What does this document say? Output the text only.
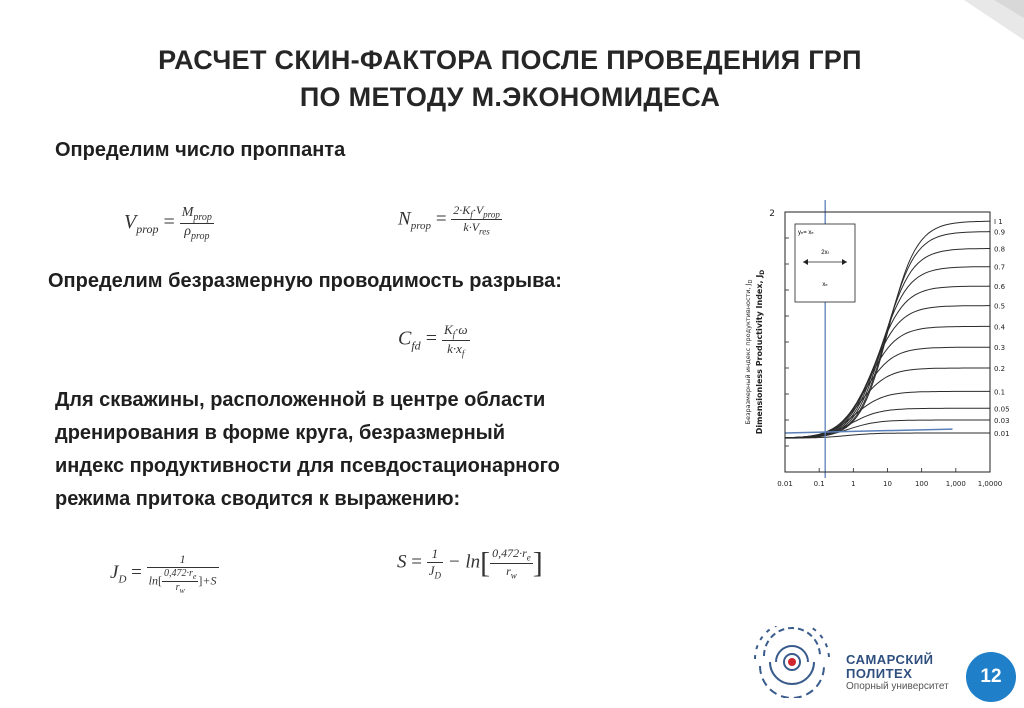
РАСЧЕТ СКИН-ФАКТОРА ПОСЛЕ ПРОВЕДЕНИЯ ГРП
ПО МЕТОДУ М.ЭКОНОМИДЕСА
Определим число проппанта
$V_{prop} = \frac{M_{prop}}{\rho_{prop}}$	$N_{prop} = \frac{2\cdot K_f\cdot V_{prop}}{k\cdot V_{res}}$
Определим безразмерную проводимость разрыва:
$C_{fd} = \frac{K_f\cdot\omega}{k\cdot x_f}$
Для скважины, расположенной в центре области
дренирования в форме круга, безразмерный
индекс продуктивности для псевдостационарного
режима притока сводится к выражению:
$J_D = \frac{1}{\ln[ \frac{0,472\cdot r_e}{r_w} ]+S}$	$S = \frac{1}{J_D} - \ln[ \frac{0,472\cdot r_e}{r_w}$ ]
2
0.01	0.1	1	10	100 1,000 1,0000
Безразмерный индекс продуктивности, $J_D$ Dimensionless Productivity Index, $J_D$
I 1
0.9
0.8
0.7
0.6
0.5
0.4
0.3
0.2
0.1
0.05
0.03
0.01
ye= xe
2xf
xe
САМАРСКИЙ
ПОЛИТЕХ
Опорный университет	12
